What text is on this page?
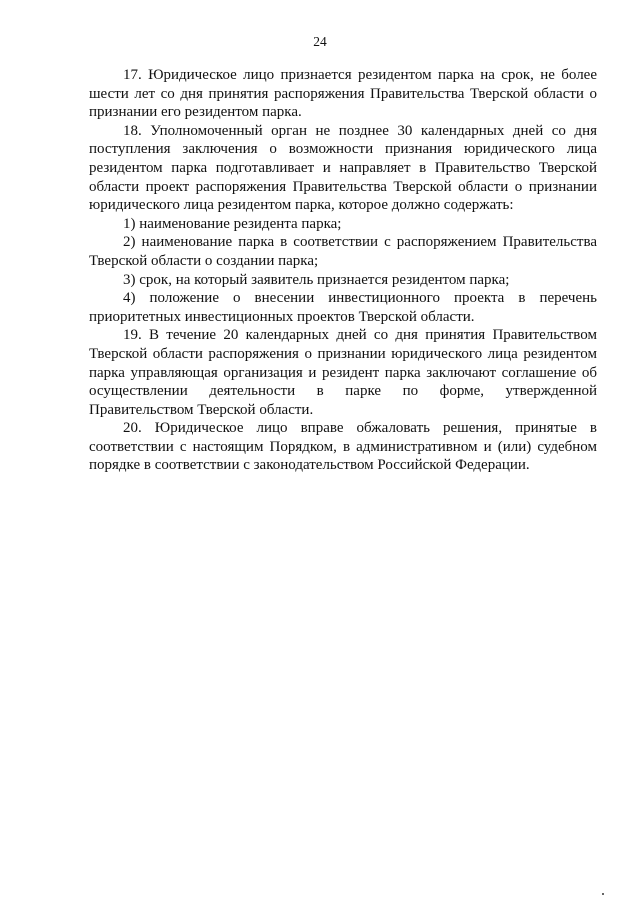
24

17. Юридическое лицо признается резидентом парка на срок, не более шести лет со дня принятия распоряжения Правительства Тверской области о признании его резидентом парка.

18. Уполномоченный орган не позднее 30 календарных дней со дня поступления заключения о возможности признания юридического лица резидентом парка подготавливает и направляет в Правительство Тверской области проект распоряжения Правительства Тверской области о признании юридического лица резидентом парка, которое должно содержать:

1) наименование резидента парка;

2) наименование парка в соответствии с распоряжением Правительства Тверской области о создании парка;

3) срок, на который заявитель признается резидентом парка;

4) положение о внесении инвестиционного проекта в перечень приоритетных инвестиционных проектов Тверской области.

19. В течение 20 календарных дней со дня принятия Правительством Тверской области распоряжения о признании юридического лица резидентом парка управляющая организация и резидент парка заключают соглашение об осуществлении деятельности в парке по форме, утвержденной Правительством Тверской области.

20. Юридическое лицо вправе обжаловать решения, принятые в соответствии с настоящим Порядком, в административном и (или) судебном порядке в соответствии с законодательством Российской Федерации.
